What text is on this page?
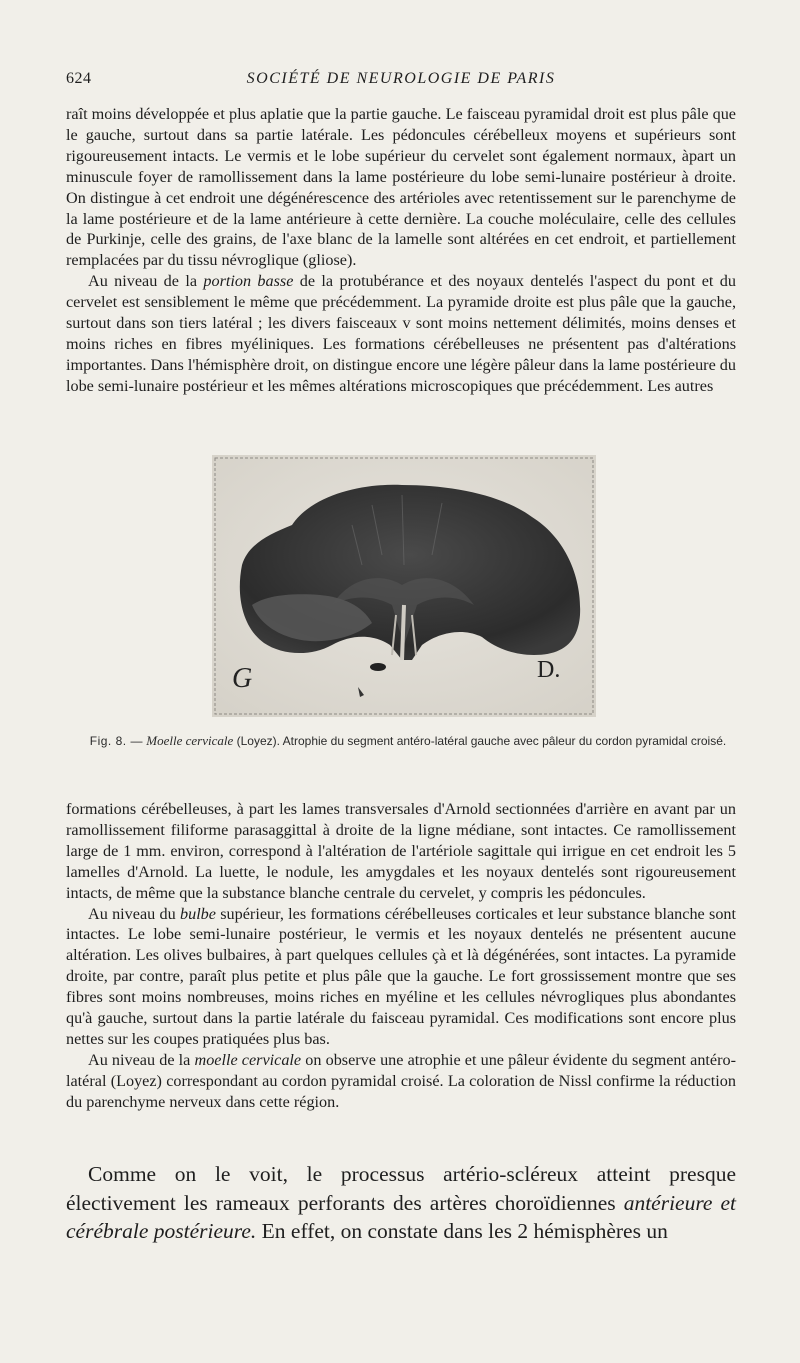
624	SOCIÉTÉ DE NEUROLOGIE DE PARIS

raît moins développée et plus aplatie que la partie gauche. Le faisceau pyramidal droit est plus pâle que le gauche, surtout dans sa partie latérale. Les pédoncules cérébelleux moyens et supérieurs sont rigoureusement intacts. Le vermis et le lobe supérieur du cervelet sont également normaux, àpart un minuscule foyer de ramollissement dans la lame postérieure du lobe semi-lunaire postérieur à droite. On distingue à cet endroit une dégénérescence des artérioles avec retentissement sur le parenchyme de la lame postérieure et de la lame antérieure à cette dernière. La couche moléculaire, celle des cellules de Purkinje, celle des grains, de l'axe blanc de la lamelle sont altérées en cet endroit, et partiellement remplacées par du tissu névroglique (gliose).

Au niveau de la portion basse de la protubérance et des noyaux dentelés l'aspect du pont et du cervelet est sensiblement le même que précédemment. La pyramide droite est plus pâle que la gauche, surtout dans son tiers latéral ; les divers faisceaux v sont moins nettement délimités, moins denses et moins riches en fibres myéliniques. Les formations cérébelleuses ne présentent pas d'altérations importantes. Dans l'hémisphère droit, on distingue encore une légère pâleur dans la lame postérieure du lobe semi-lunaire postérieur et les mêmes altérations microscopiques que précédemment. Les autres

G	D.
Fig. 8. — Moelle cervicale (Loyez). Atrophie du segment antéro-latéral gauche avec pâleur du cordon pyramidal croisé.

formations cérébelleuses, à part les lames transversales d'Arnold sectionnées d'arrière en avant par un ramollissement filiforme parasaggittal à droite de la ligne médiane, sont intactes. Ce ramollissement large de 1 mm. environ, correspond à l'altération de l'artériole sagittale qui irrigue en cet endroit les 5 lamelles d'Arnold. La luette, le nodule, les amygdales et les noyaux dentelés sont rigoureusement intacts, de même que la substance blanche centrale du cervelet, y compris les pédoncules.

Au niveau du bulbe supérieur, les formations cérébelleuses corticales et leur substance blanche sont intactes. Le lobe semi-lunaire postérieur, le vermis et les noyaux dentelés ne présentent aucune altération. Les olives bulbaires, à part quelques cellules çà et là dégénérées, sont intactes. La pyramide droite, par contre, paraît plus petite et plus pâle que la gauche. Le fort grossissement montre que ses fibres sont moins nombreuses, moins riches en myéline et les cellules névrogliques plus abondantes qu'à gauche, surtout dans la partie latérale du faisceau pyramidal. Ces modifications sont encore plus nettes sur les coupes pratiquées plus bas.

Au niveau de la moelle cervicale on observe une atrophie et une pâleur évidente du segment antéro-latéral (Loyez) correspondant au cordon pyramidal croisé. La coloration de Nissl confirme la réduction du parenchyme nerveux dans cette région.

Comme on le voit, le processus artério-scléreux atteint presque électivement les rameaux perforants des artères choroïdiennes antérieure et cérébrale postérieure. En effet, on constate dans les 2 hémisphères un
